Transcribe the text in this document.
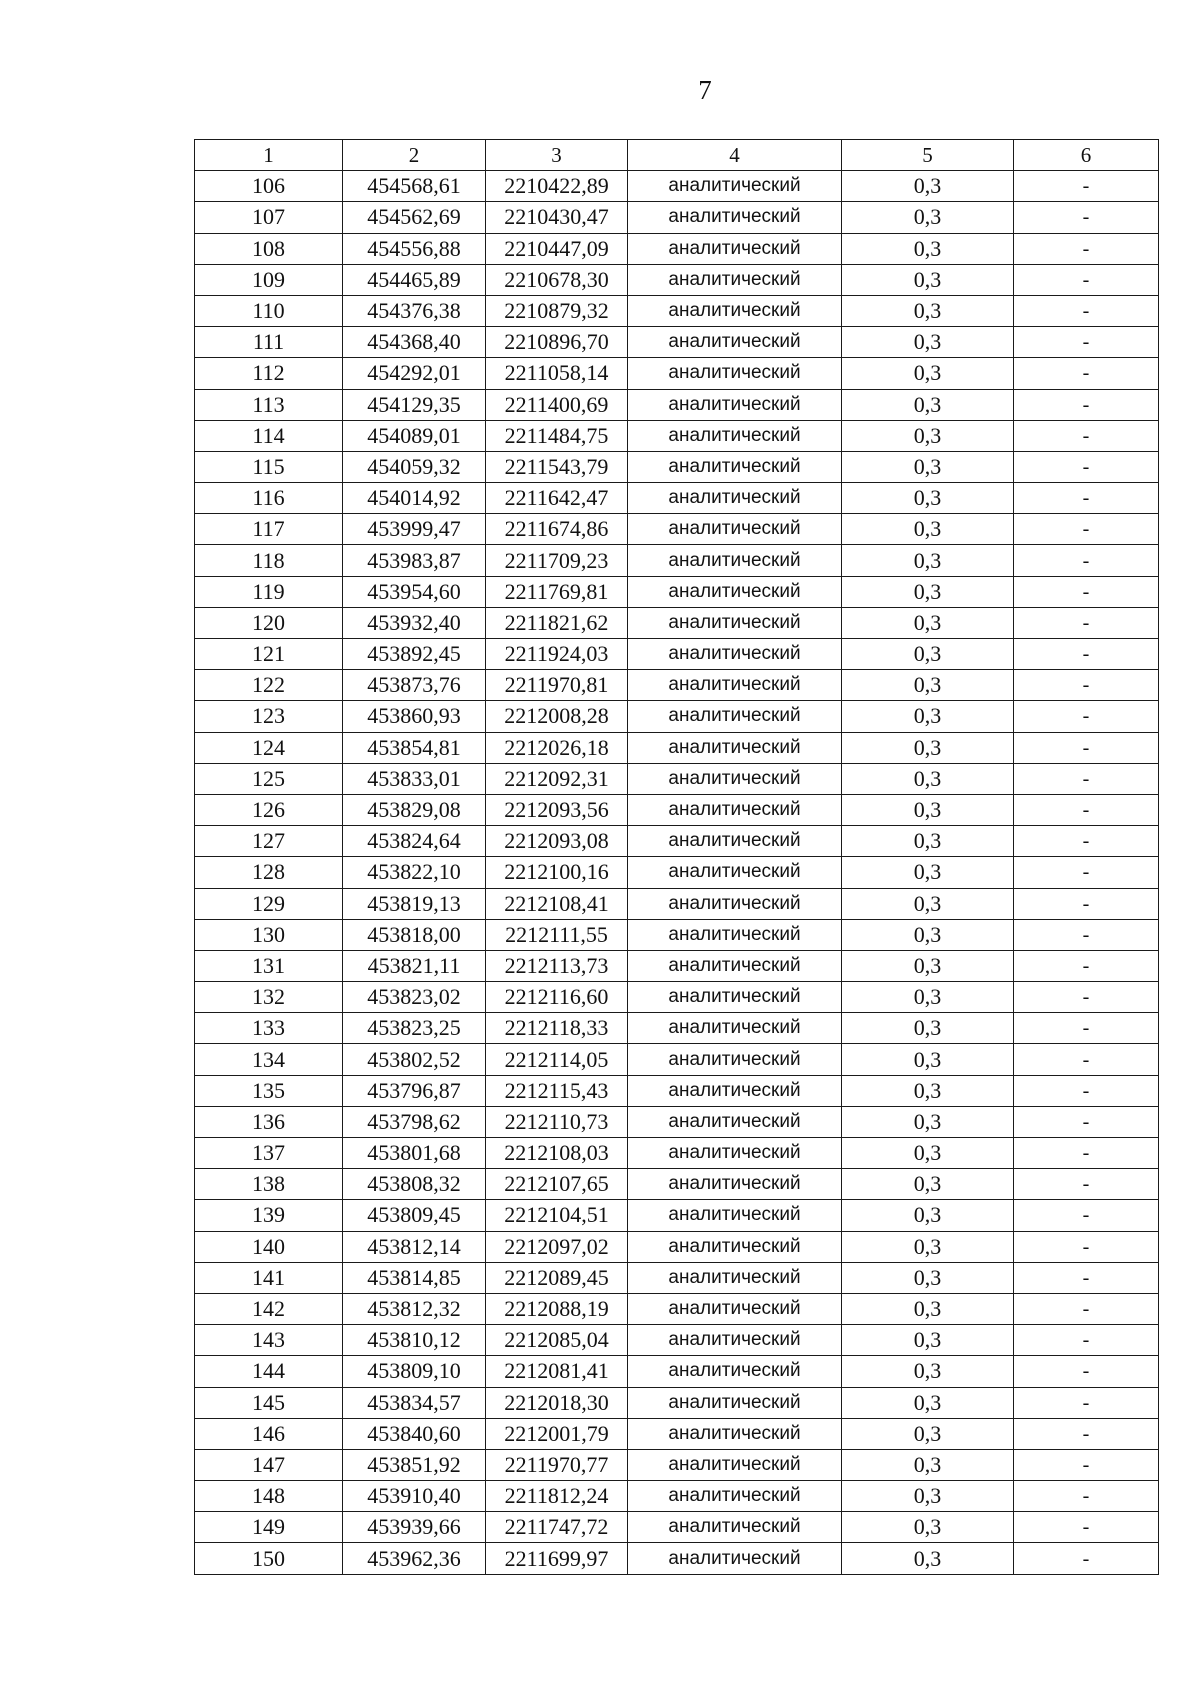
7
1	2	3	4	5	6
106	454568,61	2210422,89	аналитический	0,3	-
107	454562,69	2210430,47	аналитический	0,3	-
108	454556,88	2210447,09	аналитический	0,3	-
109	454465,89	2210678,30	аналитический	0,3	-
110	454376,38	2210879,32	аналитический	0,3	-
111	454368,40	2210896,70	аналитический	0,3	-
112	454292,01	2211058,14	аналитический	0,3	-
113	454129,35	2211400,69	аналитический	0,3	-
114	454089,01	2211484,75	аналитический	0,3	-
115	454059,32	2211543,79	аналитический	0,3	-
116	454014,92	2211642,47	аналитический	0,3	-
117	453999,47	2211674,86	аналитический	0,3	-
118	453983,87	2211709,23	аналитический	0,3	-
119	453954,60	2211769,81	аналитический	0,3	-
120	453932,40	2211821,62	аналитический	0,3	-
121	453892,45	2211924,03	аналитический	0,3	-
122	453873,76	2211970,81	аналитический	0,3	-
123	453860,93	2212008,28	аналитический	0,3	-
124	453854,81	2212026,18	аналитический	0,3	-
125	453833,01	2212092,31	аналитический	0,3	-
126	453829,08	2212093,56	аналитический	0,3	-
127	453824,64	2212093,08	аналитический	0,3	-
128	453822,10	2212100,16	аналитический	0,3	-
129	453819,13	2212108,41	аналитический	0,3	-
130	453818,00	2212111,55	аналитический	0,3	-
131	453821,11	2212113,73	аналитический	0,3	-
132	453823,02	2212116,60	аналитический	0,3	-
133	453823,25	2212118,33	аналитический	0,3	-
134	453802,52	2212114,05	аналитический	0,3	-
135	453796,87	2212115,43	аналитический	0,3	-
136	453798,62	2212110,73	аналитический	0,3	-
137	453801,68	2212108,03	аналитический	0,3	-
138	453808,32	2212107,65	аналитический	0,3	-
139	453809,45	2212104,51	аналитический	0,3	-
140	453812,14	2212097,02	аналитический	0,3	-
141	453814,85	2212089,45	аналитический	0,3	-
142	453812,32	2212088,19	аналитический	0,3	-
143	453810,12	2212085,04	аналитический	0,3	-
144	453809,10	2212081,41	аналитический	0,3	-
145	453834,57	2212018,30	аналитический	0,3	-
146	453840,60	2212001,79	аналитический	0,3	-
147	453851,92	2211970,77	аналитический	0,3	-
148	453910,40	2211812,24	аналитический	0,3	-
149	453939,66	2211747,72	аналитический	0,3	-
150	453962,36	2211699,97	аналитический	0,3	-
